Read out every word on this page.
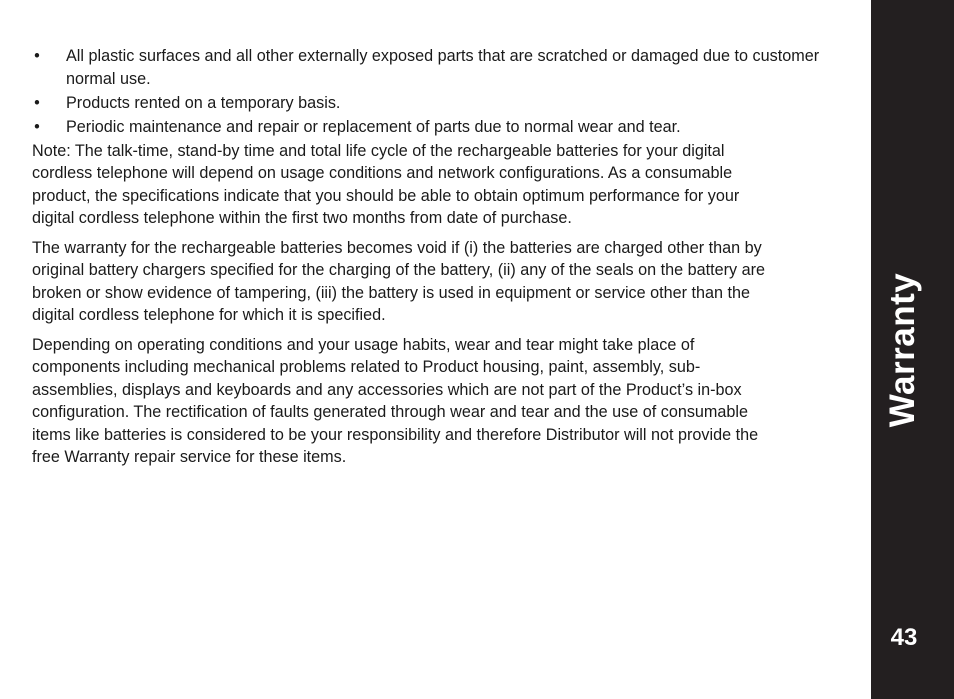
• All plastic surfaces and all other externally exposed parts that are scratched or damaged due to customer normal use.
• Products rented on a temporary basis.
• Periodic maintenance and repair or replacement of parts due to normal wear and tear.

Note: The talk-time, stand-by time and total life cycle of the rechargeable batteries for your digital cordless telephone will depend on usage conditions and network configurations. As a consumable product, the specifications indicate that you should be able to obtain optimum performance for your digital cordless telephone within the first two months from date of purchase.

The warranty for the rechargeable batteries becomes void if (i) the batteries are charged other than by original battery chargers specified for the charging of the battery, (ii) any of the seals on the battery are broken or show evidence of tampering, (iii) the battery is used in equipment or service other than the digital cordless telephone for which it is specified.

Depending on operating conditions and your usage habits, wear and tear might take place of components including mechanical problems related to Product housing, paint, assembly, sub-assemblies, displays and keyboards and any accessories which are not part of the Product’s in-box configuration. The rectification of faults generated through wear and tear and the use of consumable items like batteries is considered to be your responsibility and therefore Distributor will not provide the free Warranty repair service for these items.

Warranty
43
